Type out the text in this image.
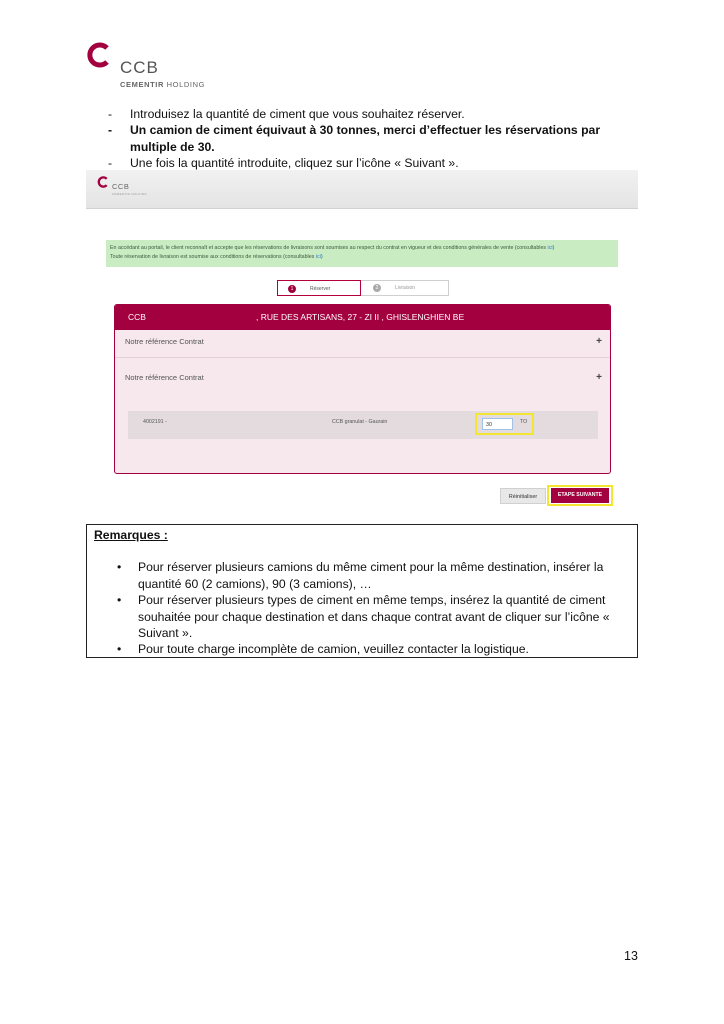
CCB
CEMENTIR HOLDING
- Introduisez la quantité de ciment que vous souhaitez réserver.
- Un camion de ciment équivaut à 30 tonnes, merci d’effectuer les réservations par multiple de 30.
- Une fois la quantité introduite, cliquez sur l’icône « Suivant ».
CCB
CEMENTIR HOLDING
En accédant au portail, le client reconnaît et accepte que les réservations de livraisons sont soumises au respect du contrat en vigueur et des conditions générales de vente (consultables ici)
Toute réservation de livraison est soumise aux conditions de réservations (consultables ici)
1	Réserver	2	Livraison
CCB	, RUE DES ARTISANS, 27 - ZI II , GHISLENGHIEN BE
Notre référence Contrat	+
Notre référence Contrat	+
4002191 -	CCB granulat - Gaurain	30	TO
Réinitialiser	ETAPE SUIVANTE
Remarques :
• Pour réserver plusieurs camions du même ciment pour la même destination, insérer la quantité 60 (2 camions), 90 (3 camions), …
• Pour réserver plusieurs types de ciment en même temps, insérez la quantité de ciment souhaitée pour chaque destination et dans chaque contrat avant de cliquer sur l’icône « Suivant ».
• Pour toute charge incomplète de camion, veuillez contacter la logistique.
13
